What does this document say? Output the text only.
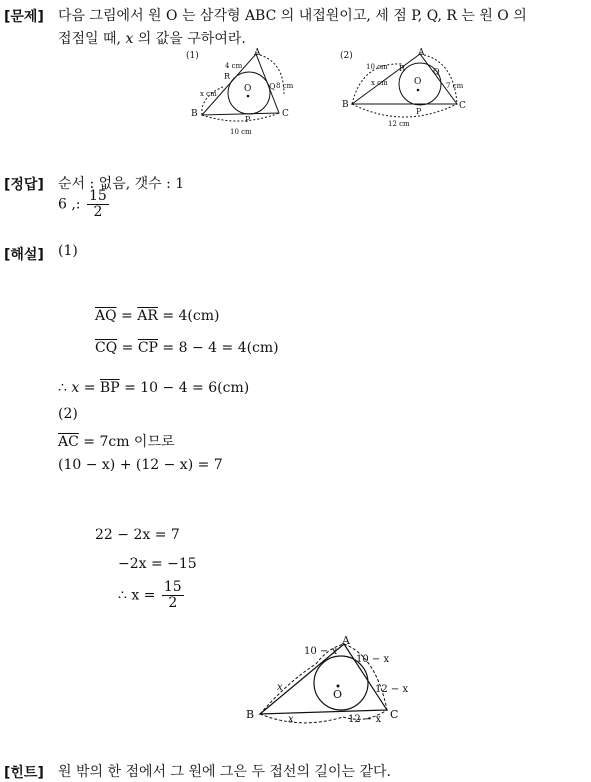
[문제] 다음 그림에서 원 O 는 삼각형 ABC 의 내접원이고, 세 점 P, Q, R 는 원 O 의
접점일 때, x 의 값을 구하여라.
(1)	A
B	C
O
P
Q
R
4 cm
x cm
8 cm
10 cm
(2)	A
B	C
O
P
Q
R
10 cm
x cm	7 cm
12 cm
[정답] 순서 : 없음, 갯수 : 1
6 ,: $\frac{15}{2}$
[해설] (1)
$\overline{AQ} = \overline{AR} = 4(cm)$
$\overline{CQ} = \overline{CP} = 8 - 4 = 4(cm)$
∴ $x = \overline{BP} = 10 - 4 = 6(cm)$
(2)
$\overline{AC} = 7cm$ 이므로
(10 − x) + (12 − x) = 7
22 − 2x = 7
−2x = −15
∴ $x = \frac{15}{2}$
A
B	C
O
10 − x
10 − x
12 − x
x
x	12 − x
[힌트] 원 밖의 한 점에서 그 원에 그은 두 접선의 길이는 같다.
